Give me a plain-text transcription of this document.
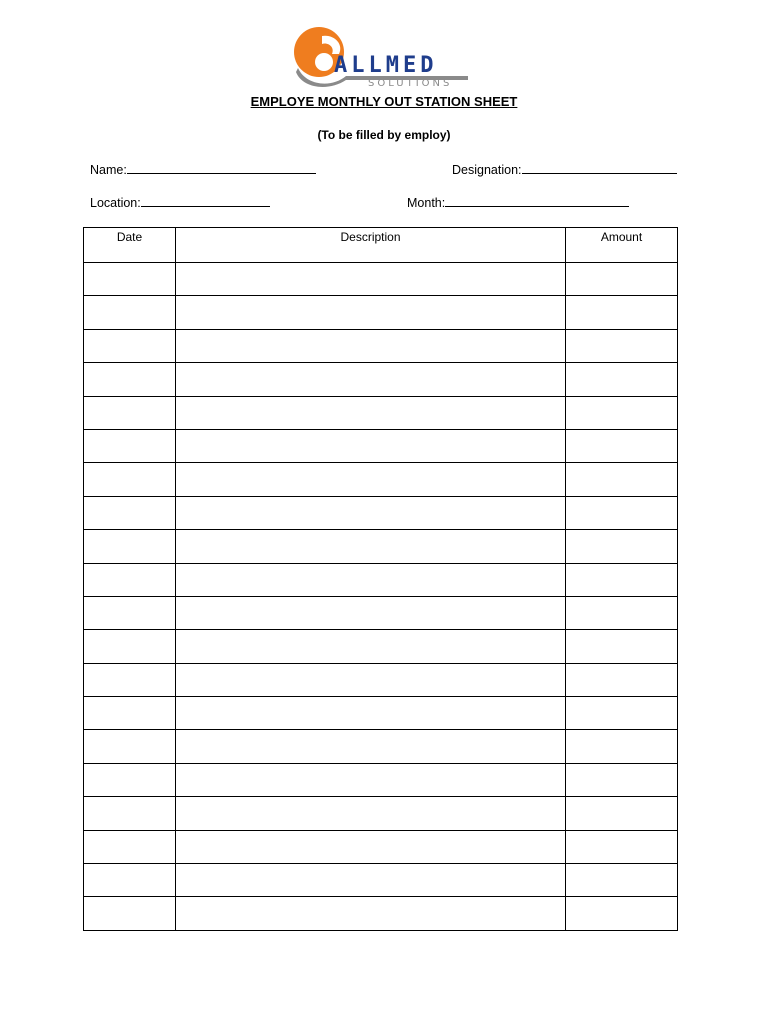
ALLMED
SOLUTIONS
EMPLOYE MONTHLY OUT STATION SHEET
(To be filled by employ)
Name:	Designation:
Location:	Month:
Date	Description	Amount
